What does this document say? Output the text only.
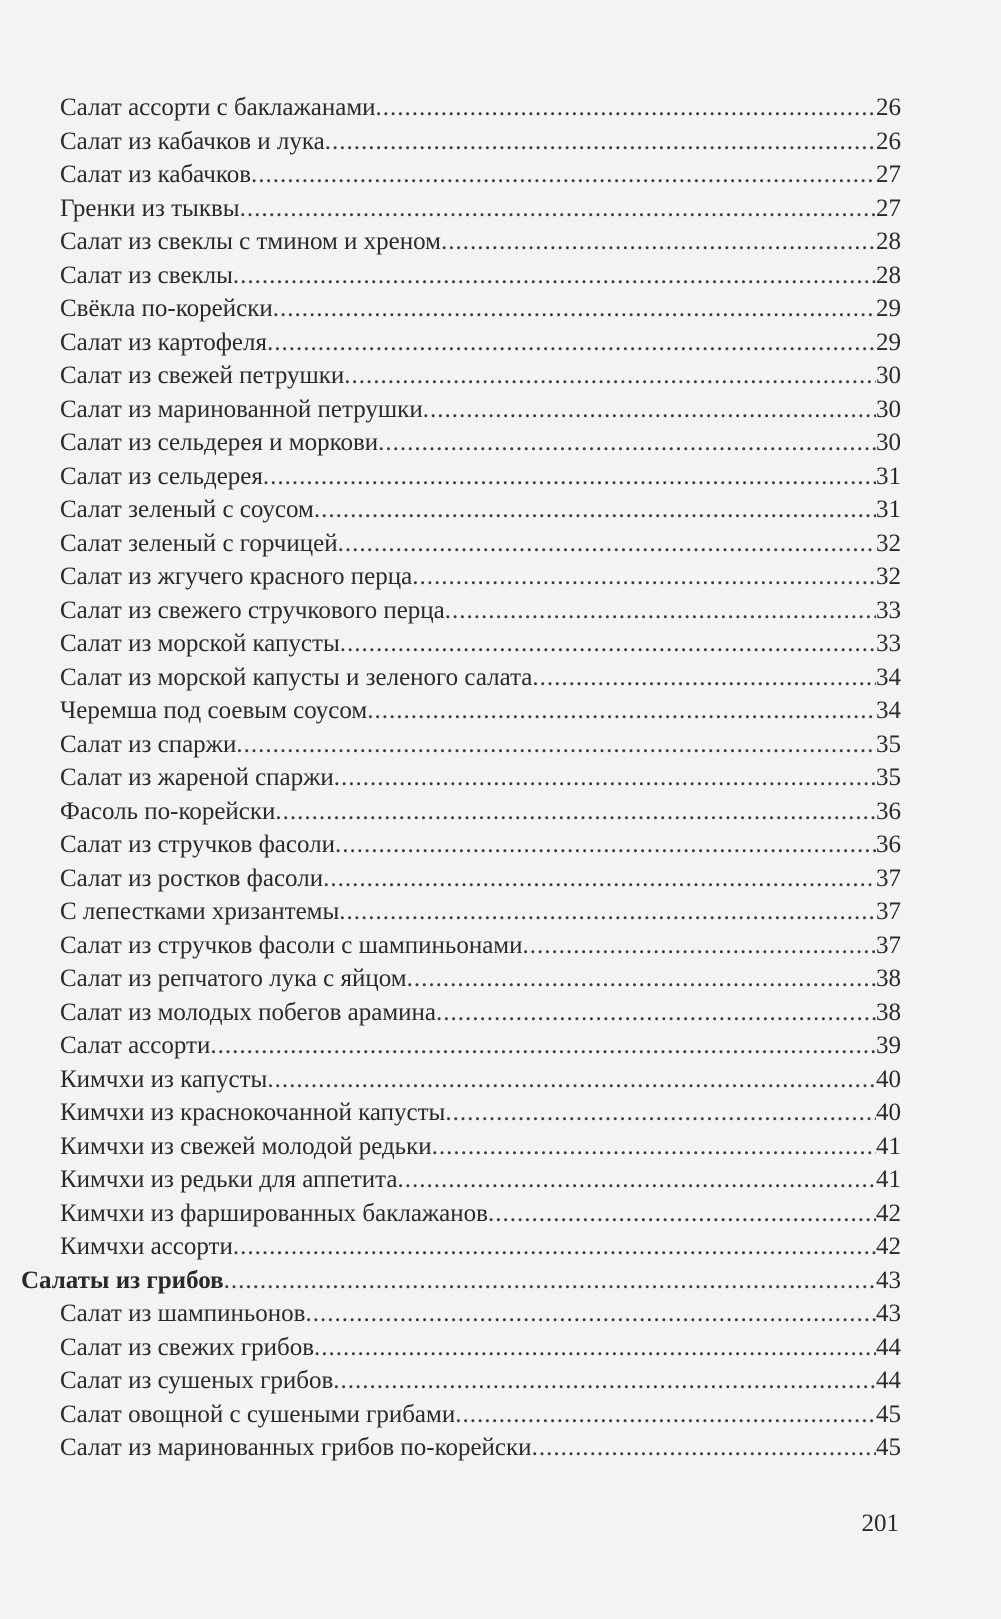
Салат ассорти с баклажанами .....	26
Салат из кабачков и лука .....	26
Салат из кабачков .....	27
Гренки из тыквы .....	27
Салат из свеклы с тмином и хреном .....	28
Салат из свеклы .....	28
Свёкла по-корейски .....	29
Салат из картофеля .....	29
Салат из свежей петрушки .....	30
Салат из маринованной петрушки .....	30
Салат из сельдерея и моркови .....	30
Салат из сельдерея .....	31
Салат зеленый с соусом .....	31
Салат зеленый с горчицей .....	32
Салат из жгучего красного перца .....	32
Салат из свежего стручкового перца .....	33
Салат из морской капусты .....	33
Салат из морской капусты и зеленого салата .....	34
Черемша под соевым соусом .....	34
Салат из спаржи .....	35
Салат из жареной спаржи .....	35
Фасоль по-корейски .....	36
Салат из стручков фасоли .....	36
Салат из ростков фасоли .....	37
С лепестками хризантемы .....	37
Салат из стручков фасоли с шампиньонами .....	37
Салат из репчатого лука с яйцом .....	38
Салат из молодых побегов арамина .....	38
Салат ассорти .....	39
Кимчхи из капусты .....	40
Кимчхи из краснокочанной капусты .....	40
Кимчхи из свежей молодой редьки .....	41
Кимчхи из редьки для аппетита .....	41
Кимчхи из фаршированных баклажанов .....	42
Кимчхи ассорти .....	42
Салаты из грибов .....	43
Салат из шампиньонов .....	43
Салат из свежих грибов .....	44
Салат из сушеных грибов .....	44
Салат овощной с сушеными грибами .....	45
Салат из маринованных грибов по-корейски .....	45
201
